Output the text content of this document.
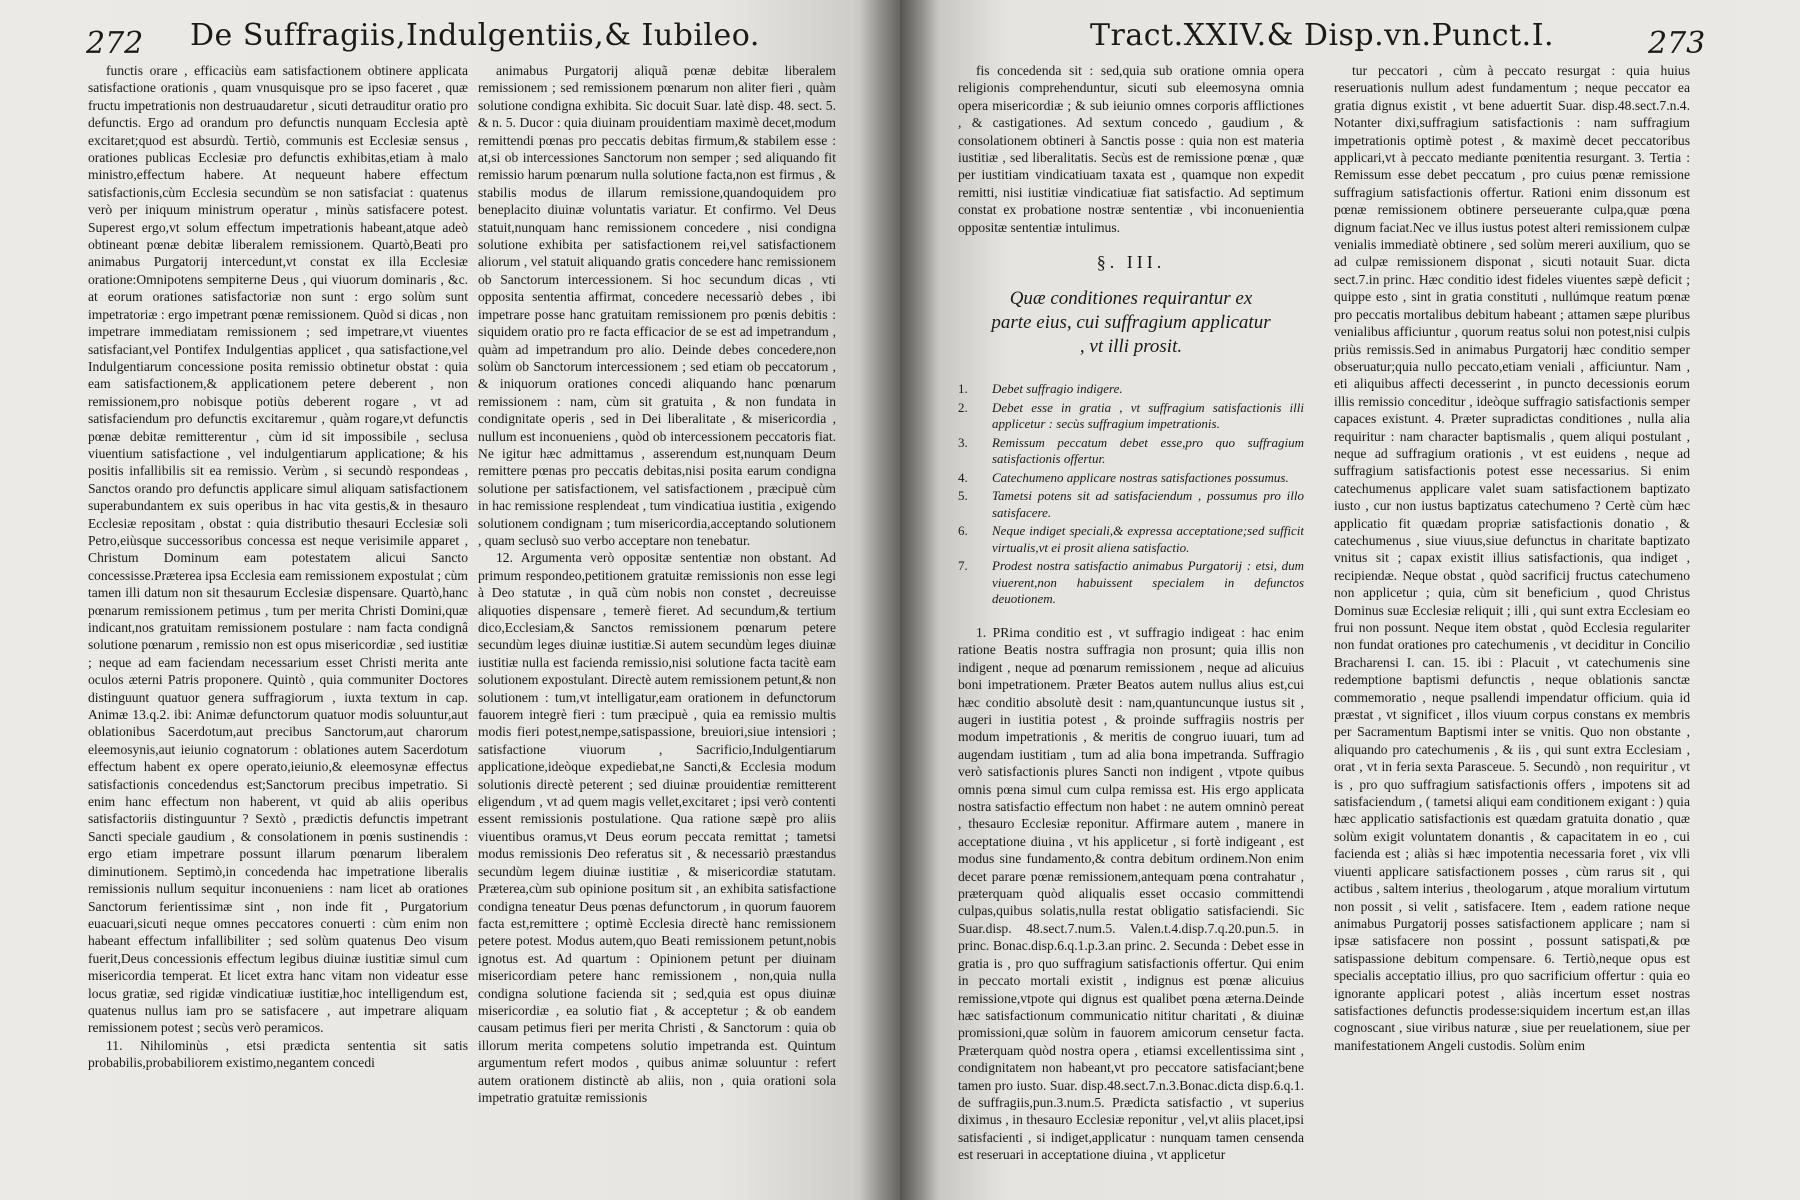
272 De Suffragiis,Indulgentiis,& Iubileo.

functis orare , efficaciùs eam satisfactionem obtinere applicata satisfactione orationis , quam vnusquisque pro se ipso faceret , quæ fructu impetrationis non destruaudaretur , sicuti detrauditur oratio pro defunctis. Ergo ad orandum pro defunctis nunquam Ecclesia aptè excitaret;quod est absurdù. Tertiò, communis est Ecclesiæ sensus , orationes publicas Ecclesiæ pro defunctis exhibitas,etiam à malo ministro,effectum habere. At nequeunt habere effectum satisfactionis,cùm Ecclesia secundùm se non satisfaciat : quatenus verò per iniquum ministrum operatur , minùs satisfacere potest. Superest ergo,vt solum effectum impetrationis habeant,atque adeò obtineant pœnæ debitæ liberalem remissionem. Quartò,Beati pro animabus Purgatorij intercedunt,vt constat ex illa Ecclesiæ oratione:Omnipotens sempiterne Deus , qui viuorum dominaris , &c. at eorum orationes satisfactoriæ non sunt : ergo solùm sunt impetratoriæ : ergo impetrant pœnæ remissionem. Quòd si dicas , non impetrare immediatam remissionem ; sed impetrare,vt viuentes satisfaciant,vel Pontifex Indulgentias applicet , qua satisfactione,vel Indulgentiarum concessione posita remissio obtinetur obstat : quia eam satisfactionem,& applicationem petere deberent , non remissionem,pro nobisque potiùs deberent rogare , vt ad satisfaciendum pro defunctis excitaremur , quàm rogare,vt defunctis pœnæ debitæ remitterentur , cùm id sit impossibile , seclusa viuentium satisfactione , vel indulgentiarum applicatione; & his positis infallibilis sit ea remissio. Verùm , si secundò respondeas , Sanctos orando pro defunctis applicare simul aliquam satisfactionem superabundantem ex suis operibus in hac vita gestis,& in thesauro Ecclesiæ repositam , obstat : quia distributio thesauri Ecclesiæ soli Petro,eiùsque successoribus concessa est neque verisimile apparet , Christum Dominum eam potestatem alicui Sancto concessisse.Præterea ipsa Ecclesia eam remissionem expostulat ; cùm tamen illi datum non sit thesaurum Ecclesiæ dispensare. Quartò,hanc pœnarum remissionem petimus , tum per merita Christi Domini,quæ indicant,nos gratuitam remissionem postulare : nam facta condignâ solutione pœnarum , remissio non est opus misericordiæ , sed iustitiæ ; neque ad eam faciendam necessarium esset Christi merita ante oculos æterni Patris proponere. Quintò , quia communiter Doctores distinguunt quatuor genera suffragiorum , iuxta textum in cap. Animæ 13.q.2. ibi: Animæ defunctorum quatuor modis soluuntur,aut oblationibus Sacerdotum,aut precibus Sanctorum,aut charorum eleemosynis,aut ieiunio cognatorum : oblationes autem Sacerdotum effectum habent ex opere operato,ieiunio,& eleemosynæ effectus satisfactionis concedendus est;Sanctorum precibus impetratio. Si enim hanc effectum non haberent, vt quid ab aliis operibus satisfactoriis distinguuntur ? Sextò , prædictis defunctis impetrant Sancti speciale gaudium , & consolationem in pœnis sustinendis : ergo etiam impetrare possunt illarum pœnarum liberalem diminutionem. Septimò,in concedenda hac impetratione liberalis remissionis nullum sequitur inconueniens : nam licet ab orationes Sanctorum ferientissimæ sint , non inde fit , Purgatorium euacuari,sicuti neque omnes peccatores conuerti : cùm enim non habeant effectum infallibiliter ; sed solùm quatenus Deo visum fuerit,Deus concessionis effectum legibus diuinæ iustitiæ simul cum misericordia temperat. Et licet extra hanc vitam non videatur esse locus gratiæ, sed rigidæ vindicatiuæ iustitiæ,hoc intelligendum est, quatenus nullus iam pro se satisfacere , aut impetrare aliquam remissionem potest ; secùs verò peramicos.

11. Nihilominùs , etsi prædicta sententia sit satis probabilis,probabiliorem existimo,negantem concedi

animabus Purgatorij aliquã pœnæ debitæ liberalem remissionem ; sed remissionem pœnarum non aliter fieri , quàm solutione condigna exhibita. Sic docuit Suar. latè disp. 48. sect. 5. & n. 5. Ducor : quia diuinam prouidentiam maximè decet,modum remittendi pœnas pro peccatis debitas firmum,& stabilem esse : at,si ob intercessiones Sanctorum non semper ; sed aliquando fit remissio harum pœnarum nulla solutione facta,non est firmus , & stabilis modus de illarum remissione,quandoquidem pro beneplacito diuinæ voluntatis variatur. Et confirmo. Vel Deus statuit,nunquam hanc remissionem concedere , nisi condigna solutione exhibita per satisfactionem rei,vel satisfactionem aliorum , vel statuit aliquando gratis concedere hanc remissionem ob Sanctorum intercessionem. Si hoc secundum dicas , vti opposita sententia affirmat, concedere necessariò debes , ibi impetrare posse hanc gratuitam remissionem pro pœnis debitis : siquidem oratio pro re facta efficacior de se est ad impetrandum , quàm ad impetrandum pro alio. Deinde debes concedere,non solùm ob Sanctorum intercessionem ; sed etiam ob peccatorum , & iniquorum orationes concedi aliquando hanc pœnarum remissionem : nam, cùm sit gratuita , & non fundata in condignitate operis , sed in Dei liberalitate , & misericordia , nullum est inconueniens , quòd ob intercessionem peccatoris fiat. Ne igitur hæc admittamus , asserendum est,nunquam Deum remittere pœnas pro peccatis debitas,nisi posita earum condigna solutione per satisfactionem, vel satisfactionem , præcipuè cùm in hac remissione resplendeat , tum vindicatiua iustitia , exigendo solutionem condignam ; tum misericordia,acceptando solutionem , quam seclusò suo verbo acceptare non tenebatur.

12. Argumenta verò oppositæ sententiæ non obstant. Ad primum respondeo,petitionem gratuitæ remissionis non esse legi à Deo statutæ , in quã cùm nobis non constet , decreuisse aliquoties dispensare , temerè fieret. Ad secundum,& tertium dico,Ecclesiam,& Sanctos remissionem pœnarum petere secundùm leges diuinæ iustitiæ.Si autem secundùm leges diuinæ iustitiæ nulla est facienda remissio,nisi solutione facta tacitè eam solutionem expostulant. Directè autem remissionem petunt,& non solutionem : tum,vt intelligatur,eam orationem in defunctorum fauorem integrè fieri : tum præcipuè , quia ea remissio multis modis fieri potest,nempe,satispassione, breuiori,siue intensiori ; satisfactione viuorum , Sacrificio,Indulgentiarum applicatione,ideòque expediebat,ne Sancti,& Ecclesia modum solutionis directè peterent ; sed diuinæ prouidentiæ remitterent eligendum , vt ad quem magis vellet,excitaret ; ipsi verò contenti essent remissionis postulatione. Qua ratione sæpè pro aliis viuentibus oramus,vt Deus eorum peccata remittat ; tametsi modus remissionis Deo referatus sit , & necessariò præstandus secundùm legem diuinæ iustitiæ , & misericordiæ statutam. Præterea,cùm sub opinione positum sit , an exhibita satisfactione condigna teneatur Deus pœnas defunctorum , in quorum fauorem facta est,remittere ; optimè Ecclesia directè hanc remissionem petere potest. Modus autem,quo Beati remissionem petunt,nobis ignotus est. Ad quartum : Opinionem petunt per diuinam misericordiam petere hanc remissionem , non,quia nulla condigna solutione facienda sit ; sed,quia est opus diuinæ misericordiæ , ea solutio fiat , & acceptetur ; & ob eandem causam petimus fieri per merita Christi , & Sanctorum : quia ob illorum merita competens solutio impetranda est. Quintum argumentum refert modos , quibus animæ soluuntur : refert autem orationem distinctè ab aliis, non , quia orationi sola impetratio gratuitæ remissionis

Tract.XXIV.& Disp.vn.Punct.I.	273

fis concedenda sit : sed,quia sub oratione omnia opera religionis comprehenduntur, sicuti sub eleemosyna omnia opera misericordiæ ; & sub ieiunio omnes corporis afflictiones , & castigationes. Ad sextum concedo , gaudium , & consolationem obtineri à Sanctis posse : quia non est materia iustitiæ , sed liberalitatis. Secùs est de remissione pœnæ , quæ per iustitiam vindicatiuam taxata est , quamque non expedit remitti, nisi iustitiæ vindicatiuæ fiat satisfactio. Ad septimum constat ex probatione nostræ sententiæ , vbi inconuenientia oppositæ sententiæ intulimus.

§. III.
Quæ conditiones requirantur ex parte eius, cui suffragium applicatur , vt illi prosit.
1. Debet suffragio indigere.
2. Debet esse in gratia , vt suffragium satisfactionis illi applicetur : secùs suffragium impetrationis.
3. Remissum peccatum debet esse,pro quo suffragium satisfactionis offertur.
4. Catechumeno applicare nostras satisfactiones possumus.
5. Tametsi potens sit ad satisfaciendum , possumus pro illo satisfacere.
6. Neque indiget speciali,& expressa acceptatione;sed sufficit virtualis,vt ei prosit aliena satisfactio.
7. Prodest nostra satisfactio animabus Purgatorij : etsi, dum viuerent,non habuissent specialem in defunctos deuotionem.

1. PRima conditio est , vt suffragio indigeat : hac enim ratione Beatis nostra suffragia non prosunt; quia illis non indigent , neque ad pœnarum remissionem , neque ad alicuius boni impetrationem. Præter Beatos autem nullus alius est,cui hæc conditio absolutè desit : nam,quantuncunque iustus sit , augeri in iustitia potest , & proinde suffragiis nostris per modum impetrationis , & meritis de congruo iuuari, tum ad augendam iustitiam , tum ad alia bona impetranda. Suffragio verò satisfactionis plures Sancti non indigent , vtpote quibus omnis pœna simul cum culpa remissa est. His ergo applicata nostra satisfactio effectum non habet : ne autem omninò pereat , thesauro Ecclesiæ reponitur. Affirmare autem , manere in acceptatione diuina , vt his applicetur , si fortè indigeant , est modus sine fundamento,& contra debitum ordinem.Non enim decet parare pœnæ remissionem,antequam pœna contrahatur , præterquam quòd aliqualis esset occasio committendi culpas,quibus solatis,nulla restat obligatio satisfaciendi. Sic Suar.disp. 48.sect.7.num.5. Valen.t.4.disp.7.q.20.pun.5. in princ. Bonac.disp.6.q.1.p.3.an princ. 2. Secunda : Debet esse in gratia is , pro quo suffragium satisfactionis offertur. Qui enim in peccato mortali existit , indignus est pœnæ alicuius remissione,vtpote qui dignus est qualibet pœna æterna.Deinde hæc satisfactionum communicatio nititur charitati , & diuinæ promissioni,quæ solùm in fauorem amicorum censetur facta. Præterquam quòd nostra opera , etiamsi excellentissima sint , condignitatem non habeant,vt pro peccatore satisfaciant;bene tamen pro iusto. Suar. disp.48.sect.7.n.3.Bonac.dicta disp.6.q.1. de suffragiis,pun.3.num.5. Prædicta satisfactio , vt superius diximus , in thesauro Ecclesiæ reponitur , vel,vt aliis placet,ipsi satisfacienti , si indiget,applicatur : nunquam tamen censenda est reseruari in acceptatione diuina , vt applicetur

tur peccatori , cùm à peccato resurgat : quia huius reseruationis nullum adest fundamentum ; neque peccator ea gratia dignus existit , vt bene aduertit Suar. disp.48.sect.7.n.4. Notanter dixi,suffragium satisfactionis : nam suffragium impetrationis optimè potest , & maximè decet peccatoribus applicari,vt à peccato mediante pœnitentia resurgant. 3. Tertia : Remissum esse debet peccatum , pro cuius pœnæ remissione suffragium satisfactionis offertur. Rationi enim dissonum est pœnæ remissionem obtinere perseuerante culpa,quæ pœna dignum faciat.Nec ve illus iustus potest alteri remissionem culpæ venialis immediatè obtinere , sed solùm mereri auxilium, quo se ad culpæ remissionem disponat , sicuti notauit Suar. dicta sect.7.in princ. Hæc conditio idest fideles viuentes sæpè deficit ; quippe esto , sint in gratia constituti , nullúmque reatum pœnæ pro peccatis mortalibus debitum habeant ; attamen sæpe pluribus venialibus afficiuntur , quorum reatus solui non potest,nisi culpis priùs remissis.Sed in animabus Purgatorij hæc conditio semper obseruatur;quia nullo peccato,etiam veniali , afficiuntur. Nam , eti aliquibus affecti decesserint , in puncto decessionis eorum illis remissio conceditur , ideòque suffragio satisfactionis semper capaces existunt. 4. Præter supradictas conditiones , nulla alia requiritur : nam character baptismalis , quem aliqui postulant , neque ad suffragium orationis , vt est euidens , neque ad suffragium satisfactionis potest esse necessarius. Si enim catechumenus applicare valet suam satisfactionem baptizato iusto , cur non iustus baptizatus catechumeno ? Certè cùm hæc applicatio fit quædam propriæ satisfactionis donatio , & catechumenus , siue viuus,siue defunctus in charitate baptizato vnitus sit ; capax existit illius satisfactionis, qua indiget , recipiendæ. Neque obstat , quòd sacrificij fructus catechumeno non applicetur ; quia, cùm sit beneficium , quod Christus Dominus suæ Ecclesiæ reliquit ; illi , qui sunt extra Ecclesiam eo frui non possunt. Neque item obstat , quòd Ecclesia regulariter non fundat orationes pro catechumenis , vt deciditur in Concilio Bracharensi I. can. 15. ibi : Placuit , vt catechumenis sine redemptione baptismi defunctis , neque oblationis sanctæ commemoratio , neque psallendi impendatur officium. quia id præstat , vt significet , illos viuum corpus constans ex membris per Sacramentum Baptismi inter se vnitis. Quo non obstante , aliquando pro catechumenis , & iis , qui sunt extra Ecclesiam , orat , vt in feria sexta Parasceue. 5. Secundò , non requiritur , vt is , pro quo suffragium satisfactionis offers , impotens sit ad satisfaciendum , ( tametsi aliqui eam conditionem exigant : ) quia hæc applicatio satisfactionis est quædam gratuita donatio , quæ solùm exigit voluntatem donantis , & capacitatem in eo , cui facienda est ; aliàs si hæc impotentia necessaria foret , vix vlli viuenti applicare satisfactionem posses , cùm rarus sit , qui actibus , saltem interius , theologarum , atque moralium virtutum non possit , si velit , satisfacere. Item , eadem ratione neque animabus Purgatorij posses satisfactionem applicare ; nam si ipsæ satisfacere non possint , possunt satispati,& pœ satispassione debitum compensare. 6. Tertiò,neque opus est specialis acceptatio illius, pro quo sacrificium offertur : quia eo ignorante applicari potest , aliàs incertum esset nostras satisfactiones defunctis prodesse:siquidem incertum est,an illas cognoscant , siue viribus naturæ , siue per reuelationem, siue per manifestationem Angeli custodis. Solùm enim
